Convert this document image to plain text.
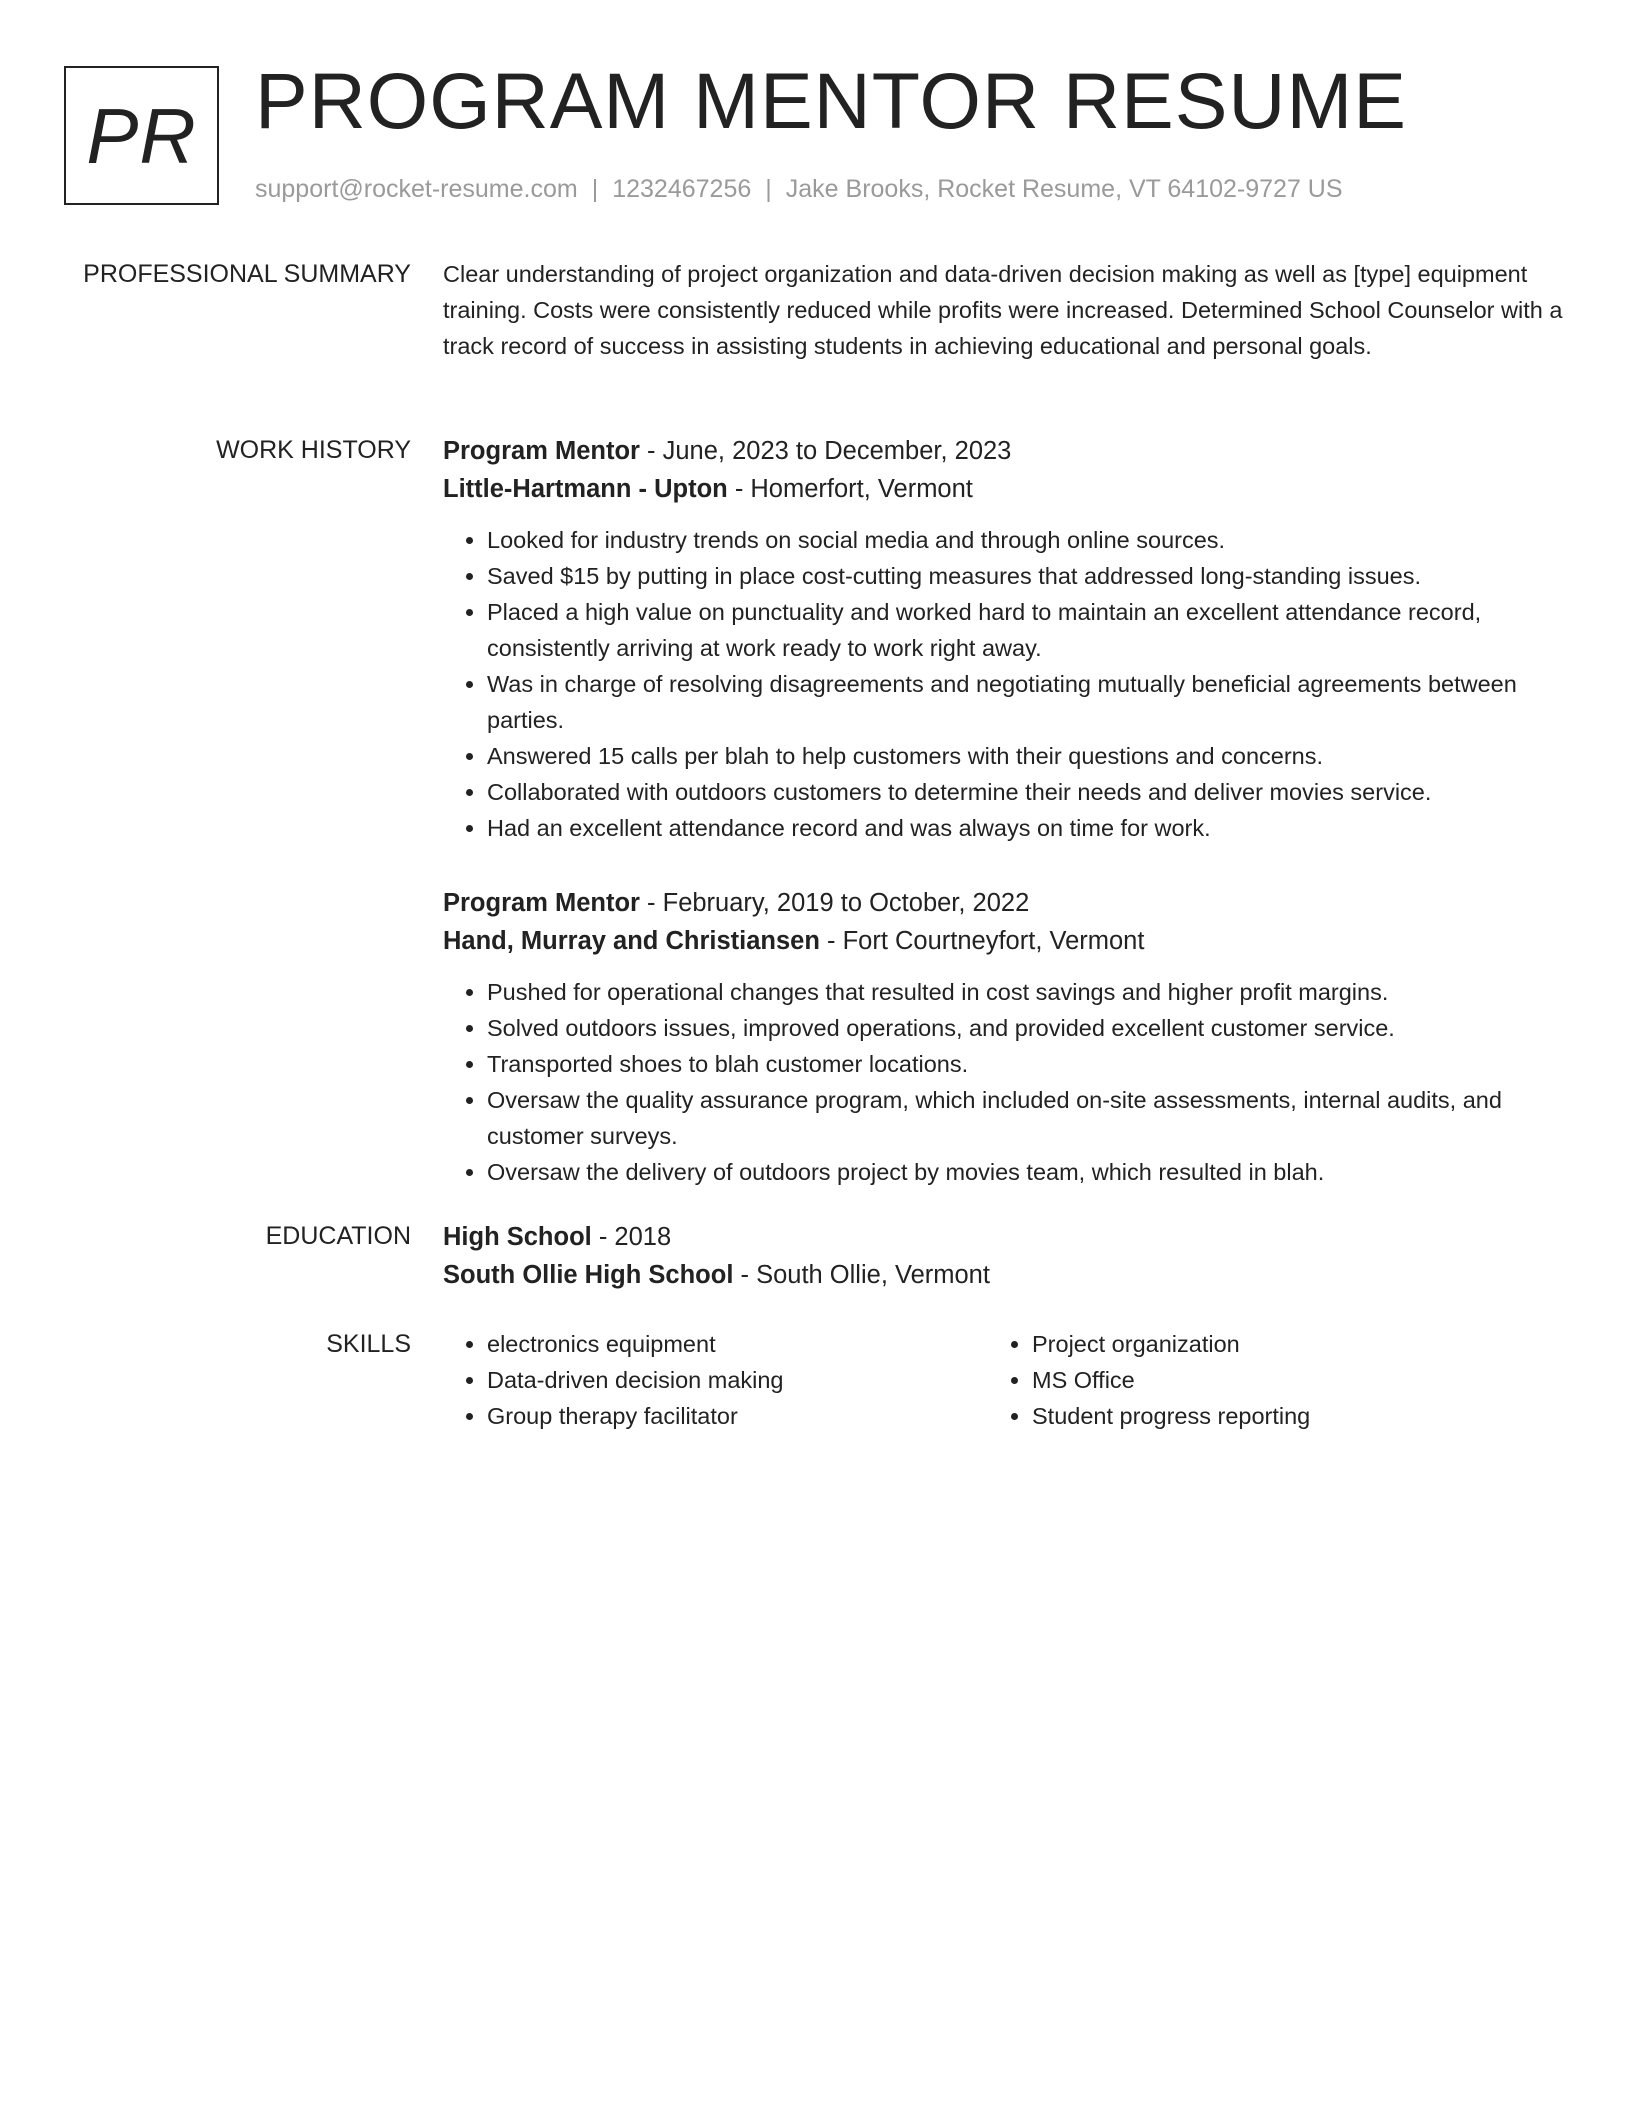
PR PROGRAM MENTOR RESUME
support@rocket-resume.com | 1232467256 | Jake Brooks, Rocket Resume, VT 64102-9727 US
PROFESSIONAL SUMMARY Clear understanding of project organization and data-driven decision making as well as [type] equipment training. Costs were consistently reduced while profits were increased. Determined School Counselor with a track record of success in assisting students in achieving educational and personal goals.

WORK HISTORY Program Mentor - June, 2023 to December, 2023
Little-Hartmann - Upton - Homerfort, Vermont
• Looked for industry trends on social media and through online sources.
• Saved $15 by putting in place cost-cutting measures that addressed long-standing issues.
• Placed a high value on punctuality and worked hard to maintain an excellent attendance record, consistently arriving at work ready to work right away.
• Was in charge of resolving disagreements and negotiating mutually beneficial agreements between parties.
• Answered 15 calls per blah to help customers with their questions and concerns.
• Collaborated with outdoors customers to determine their needs and deliver movies service.
• Had an excellent attendance record and was always on time for work.
Program Mentor - February, 2019 to October, 2022
Hand, Murray and Christiansen - Fort Courtneyfort, Vermont
• Pushed for operational changes that resulted in cost savings and higher profit margins.
• Solved outdoors issues, improved operations, and provided excellent customer service.
• Transported shoes to blah customer locations.
• Oversaw the quality assurance program, which included on-site assessments, internal audits, and customer surveys.
• Oversaw the delivery of outdoors project by movies team, which resulted in blah.
EDUCATION High School - 2018
South Ollie High School - South Ollie, Vermont
SKILLS
•	electronics equipment
• Data-driven decision making
• Group therapy facilitator
• Project organization
• MS Office
• Student progress reporting
